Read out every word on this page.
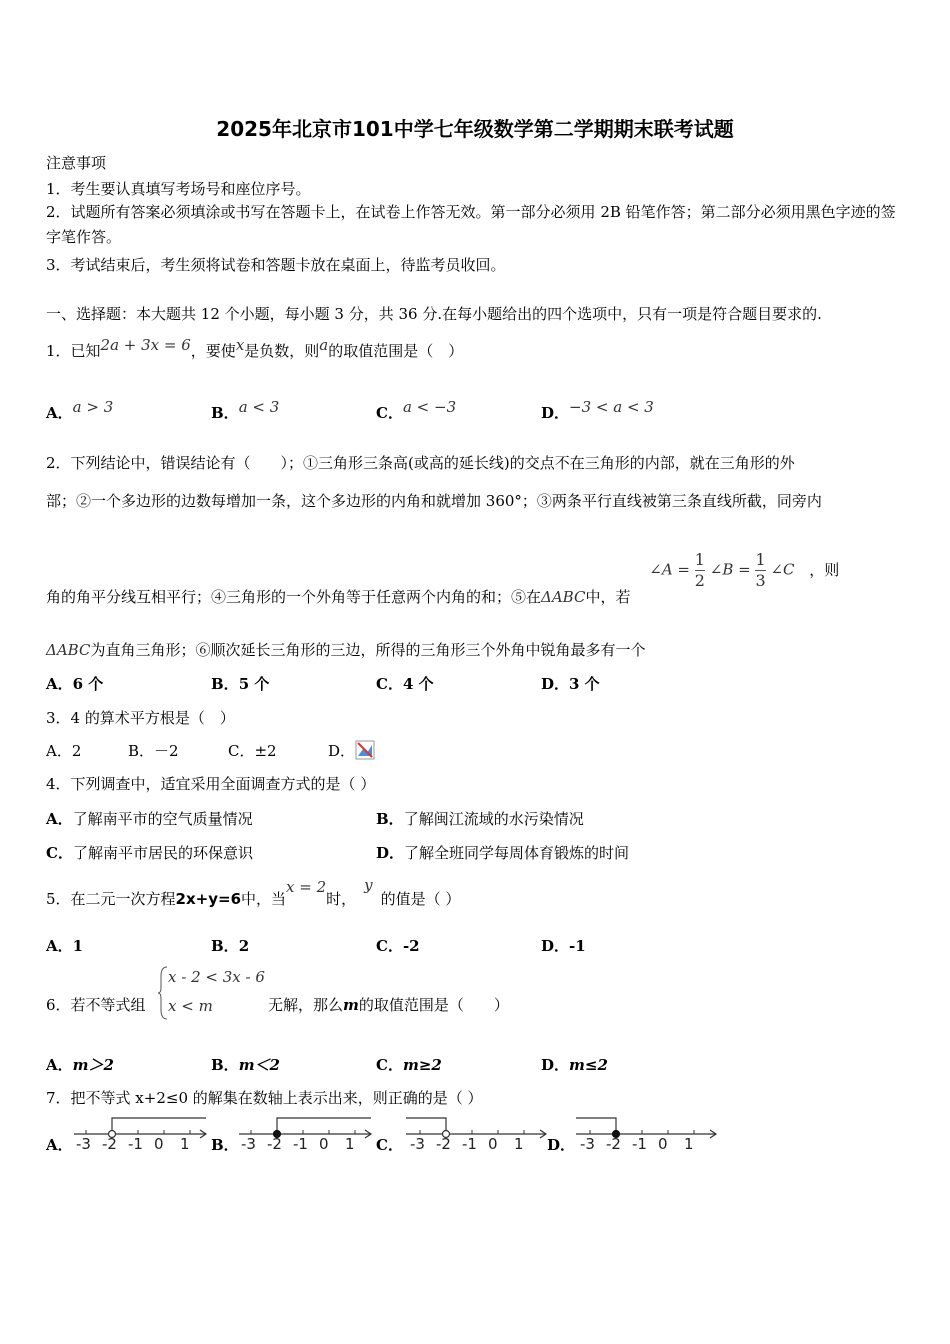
2025年北京市101中学七年级数学第二学期期末联考试题
注意事项
1．考生要认真填写考场号和座位序号。
2．试题所有答案必须填涂或书写在答题卡上，在试卷上作答无效。第一部分必须用 2B 铅笔作答；第二部分必须用黑色字迹的签字笔作答。
3．考试结束后，考生须将试卷和答题卡放在桌面上，待监考员收回。
一、选择题：本大题共 12 个小题，每小题 3 分，共 36 分.在每小题给出的四个选项中，只有一项是符合题目要求的.
1．已知2a + 3x = 6，要使x是负数，则a的取值范围是（　）
A．a > 3	B．a < 3	C．a < −3	D．−3 < a < 3
2．下列结论中，错误结论有（　　）；①三角形三条高(或高的延长线)的交点不在三角形的内部，就在三角形的外
部；②一个多边形的边数每增加一条，这个多边形的内角和就增加 360°；③两条平行直线被第三条直线所截，同旁内
角的角平分线互相平行；④三角形的一个外角等于任意两个内角的和；⑤在ΔABC中，若 ∠A = $\frac{1}{2}$ ∠B = $\frac{1}{3}$ ∠C ，则
ΔABC为直角三角形；⑥顺次延长三角形的三边，所得的三角形三个外角中锐角最多有一个
A．6 个	B．5 个	C．4 个	D．3 个
3．4 的算术平方根是（　）
A．2	B．－2	C．±2	D．
4．下列调查中，适宜采用全面调查方式的是（ ）
A．了解南平市的空气质量情况	B．了解闽江流域的水污染情况
C．了解南平市居民的环保意识	D．了解全班同学每周体育锻炼的时间
5．在二元一次方程2x+y=6中，当x = 2时，y的值是（ ）
A．1	B．2	C．-2	D．-1
6．若不等式组
x - 2 < 3x - 6
x < m	无解，那么m的取值范围是（　　）
A．m＞2	B．m＜2	C．m≥2	D．m≤2
7．把不等式 x+2≤0 的解集在数轴上表示出来，则正确的是（ ）
A．	B．	C．	D．
-3 -2 -1 0 1	-3 -2 -1 0 1	-3 -2 -1 0 1	-3 -2 -1 0 1
